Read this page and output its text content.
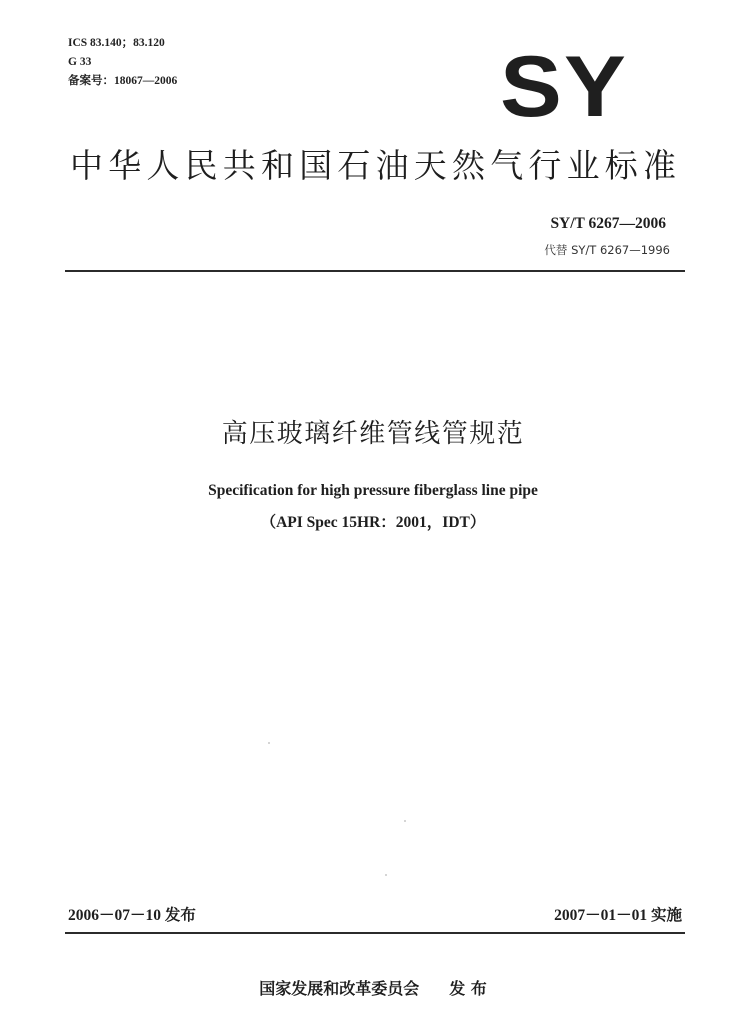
ICS 83.140；83.120
G 33
备案号：18067—2006	SY
中华人民共和国石油天然气行业标准
SY/T 6267—2006
代替 SY/T 6267—1996
高压玻璃纤维管线管规范
Specification for high pressure fiberglass line pipe
（API Spec 15HR：2001，IDT）
2006－07－10 发布	2007－01－01 实施
国家发展和改革委员会 发 布
